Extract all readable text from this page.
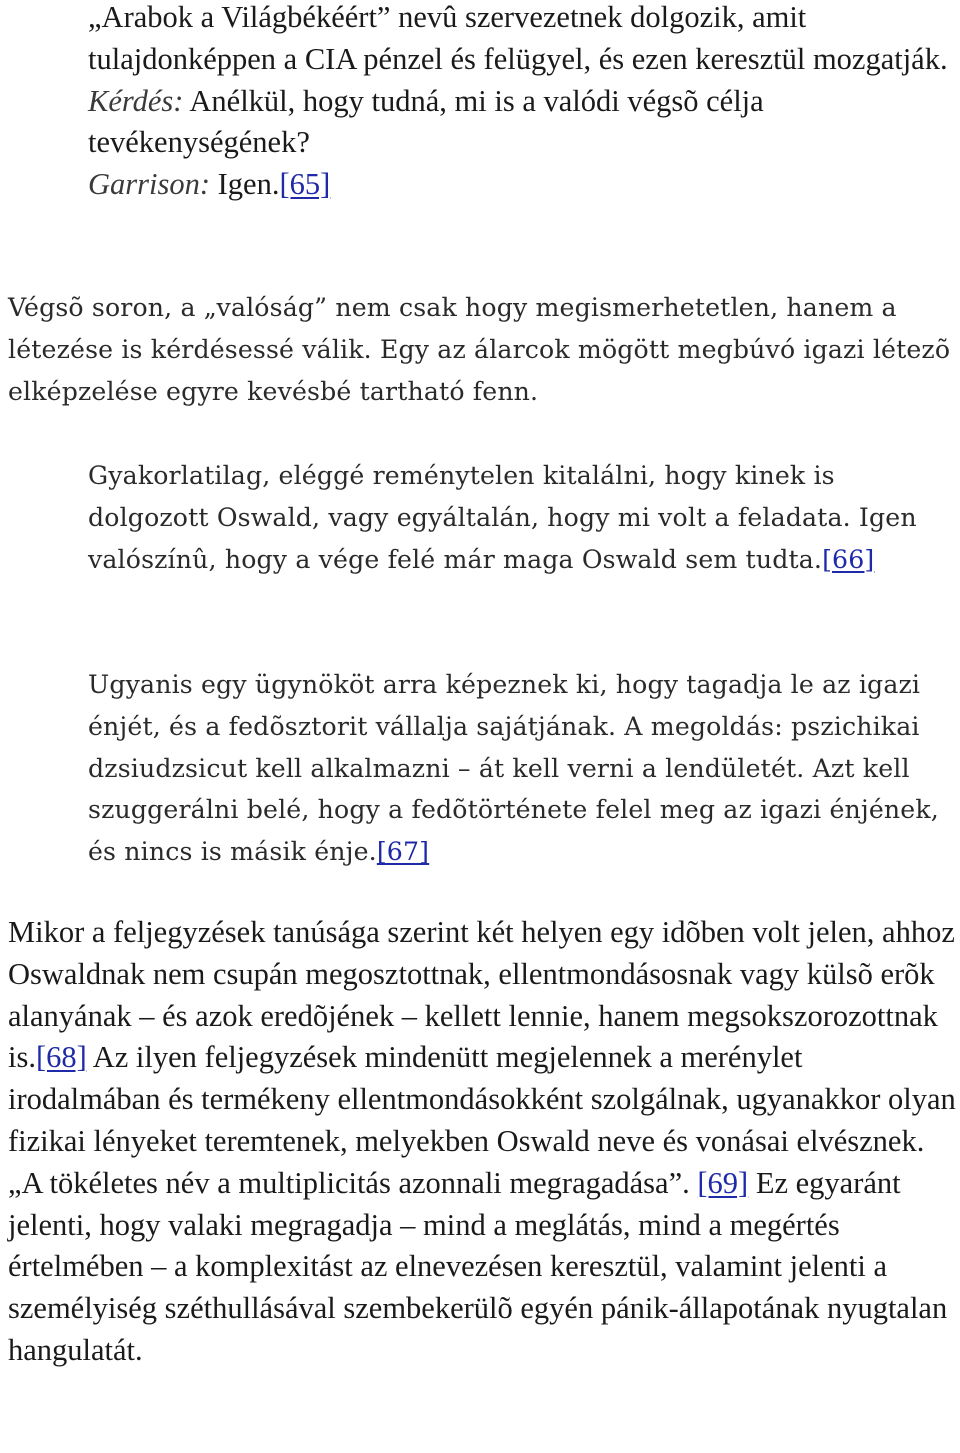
„Arabok a Világbékéért” nevû szervezetnek dolgozik, amit tulajdonképpen a CIA pénzel és felügyel, és ezen keresztül mozgatják.
Kérdés: Anélkül, hogy tudná, mi is a valódi végsõ célja tevékenységének?
Garrison: Igen.[65]

Végsõ soron, a „valóság” nem csak hogy megismerhetetlen, hanem a létezése is kérdésessé válik. Egy az álarcok mögött megbúvó igazi létezõ elképzelése egyre kevésbé tartható fenn.

Gyakorlatilag, eléggé reménytelen kitalálni, hogy kinek is dolgozott Oswald, vagy egyáltalán, hogy mi volt a feladata. Igen valószínû, hogy a vége felé már maga Oswald sem tudta.[66]

Ugyanis egy ügynököt arra képeznek ki, hogy tagadja le az igazi énjét, és a fedõsztorit vállalja sajátjának. A megoldás: pszichikai dzsiudzsicut kell alkalmazni – át kell verni a lendületét. Azt kell szuggerálni belé, hogy a fedõtörténete felel meg az igazi énjének, és nincs is másik énje.[67]

Mikor a feljegyzések tanúsága szerint két helyen egy idõben volt jelen, ahhoz Oswaldnak nem csupán megosztottnak, ellentmondásosnak vagy külsõ erõk alanyának – és azok eredõjének – kellett lennie, hanem megsokszorozottnak is.[68] Az ilyen feljegyzések mindenütt megjelennek a merénylet irodalmában és termékeny ellentmondásokként szolgálnak, ugyanakkor olyan fizikai lényeket teremtenek, melyekben Oswald neve és vonásai elvésznek. „A tökéletes név a multiplicitás azonnali megragadása”. [69] Ez egyaránt jelenti, hogy valaki megragadja – mind a meglátás, mind a megértés értelmében – a komplexitást az elnevezésen keresztül, valamint jelenti a személyiség széthullásával szembekerülõ egyén pánik-állapotának nyugtalan hangulatát.
